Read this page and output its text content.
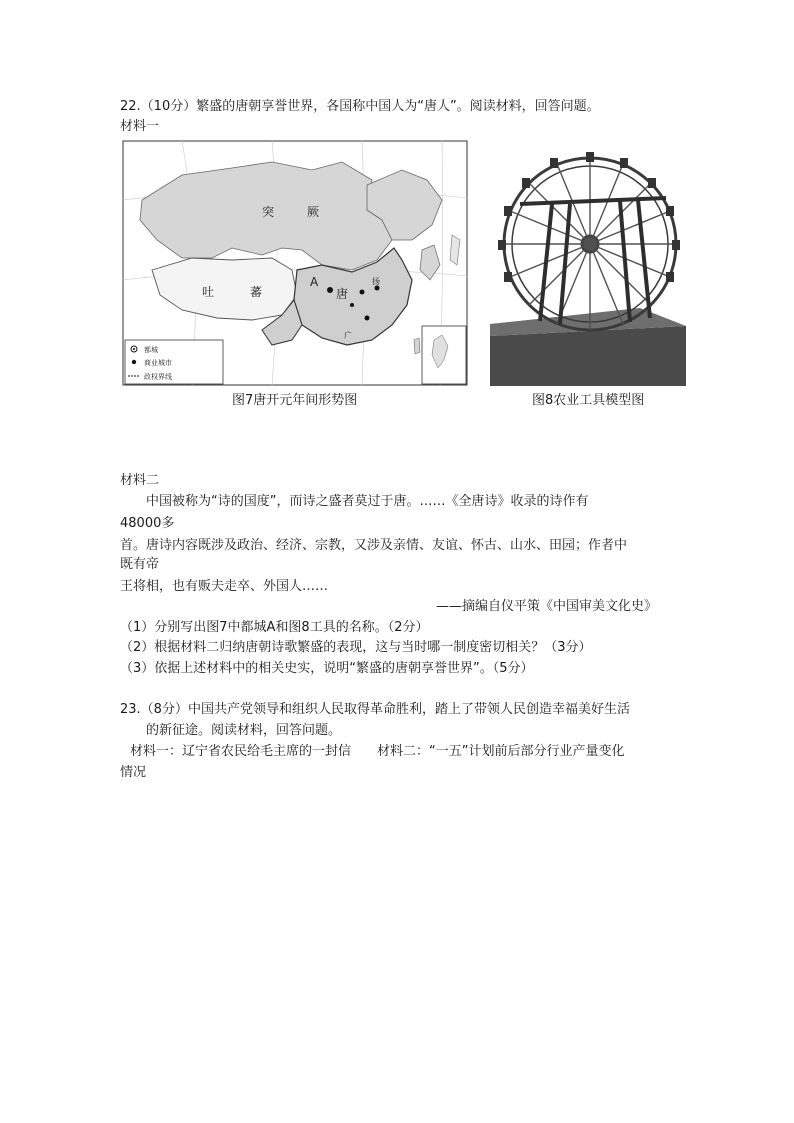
22.（10分）繁盛的唐朝享誉世界，各国称中国人为“唐人”。阅读材料，回答问题。
材料一
突	厥
吐	蕃
A
唐
扬
广
都城
商业城市
政权界线
图7唐开元年间形势图	图8农业工具模型图
材料二
中国被称为“诗的国度”，而诗之盛者莫过于唐。……《全唐诗》收录的诗作有
48000多
首。唐诗内容既涉及政治、经济、宗教，又涉及亲情、友谊、怀古、山水、田园；作者中
既有帝
王将相，也有贩夫走卒、外国人……
——摘编自仪平策《中国审美文化史》
（1）分别写出图7中都城A和图8工具的名称。（2分）
（2）根据材料二归纳唐朝诗歌繁盛的表现，这与当时哪一制度密切相关？（3分）
（3）依据上述材料中的相关史实，说明“繁盛的唐朝享誉世界”。（5分）
23.（8分）中国共产党领导和组织人民取得革命胜利，踏上了带领人民创造幸福美好生活
的新征途。阅读材料，回答问题。
材料一：辽宁省农民给毛主席的一封信　　材料二：“一五”计划前后部分行业产量变化
情况
